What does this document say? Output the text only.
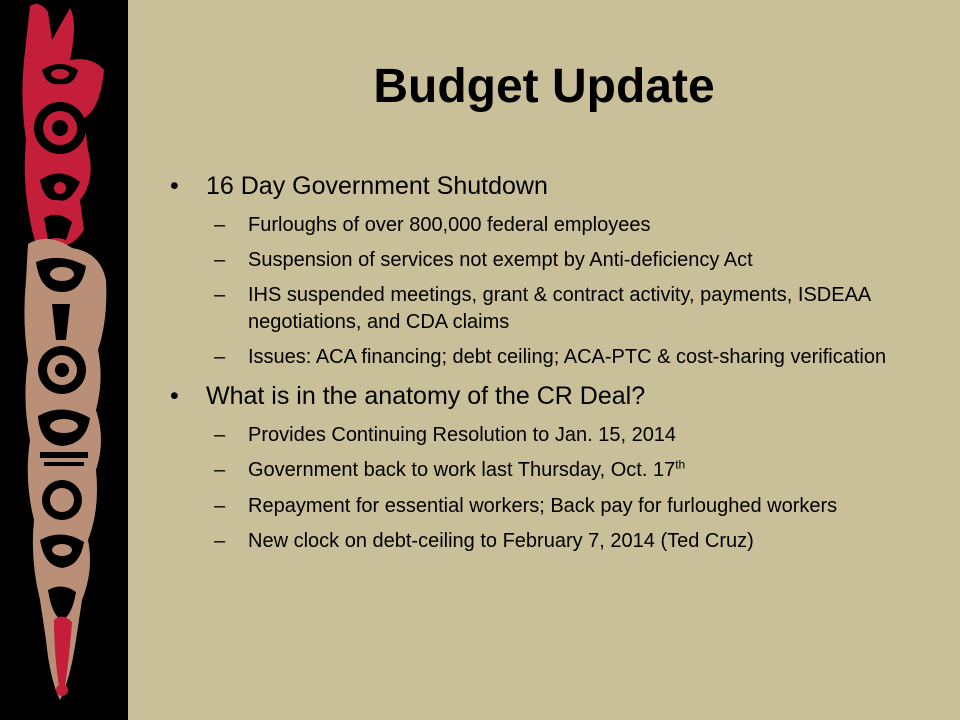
Budget Update

• 16 Day Government Shutdown

– Furloughs of over 800,000 federal employees

– Suspension of services not exempt by Anti-deficiency Act

– IHS suspended meetings, grant & contract activity, payments, ISDEAA negotiations, and CDA claims

– Issues: ACA financing; debt ceiling; ACA-PTC & cost-sharing verification

• What is in the anatomy of the CR Deal?

– Provides Continuing Resolution to Jan. 15, 2014

– Government back to work last Thursday, Oct. 17th

– Repayment for essential workers; Back pay for furloughed workers

– New clock on debt-ceiling to February 7, 2014 (Ted Cruz)
